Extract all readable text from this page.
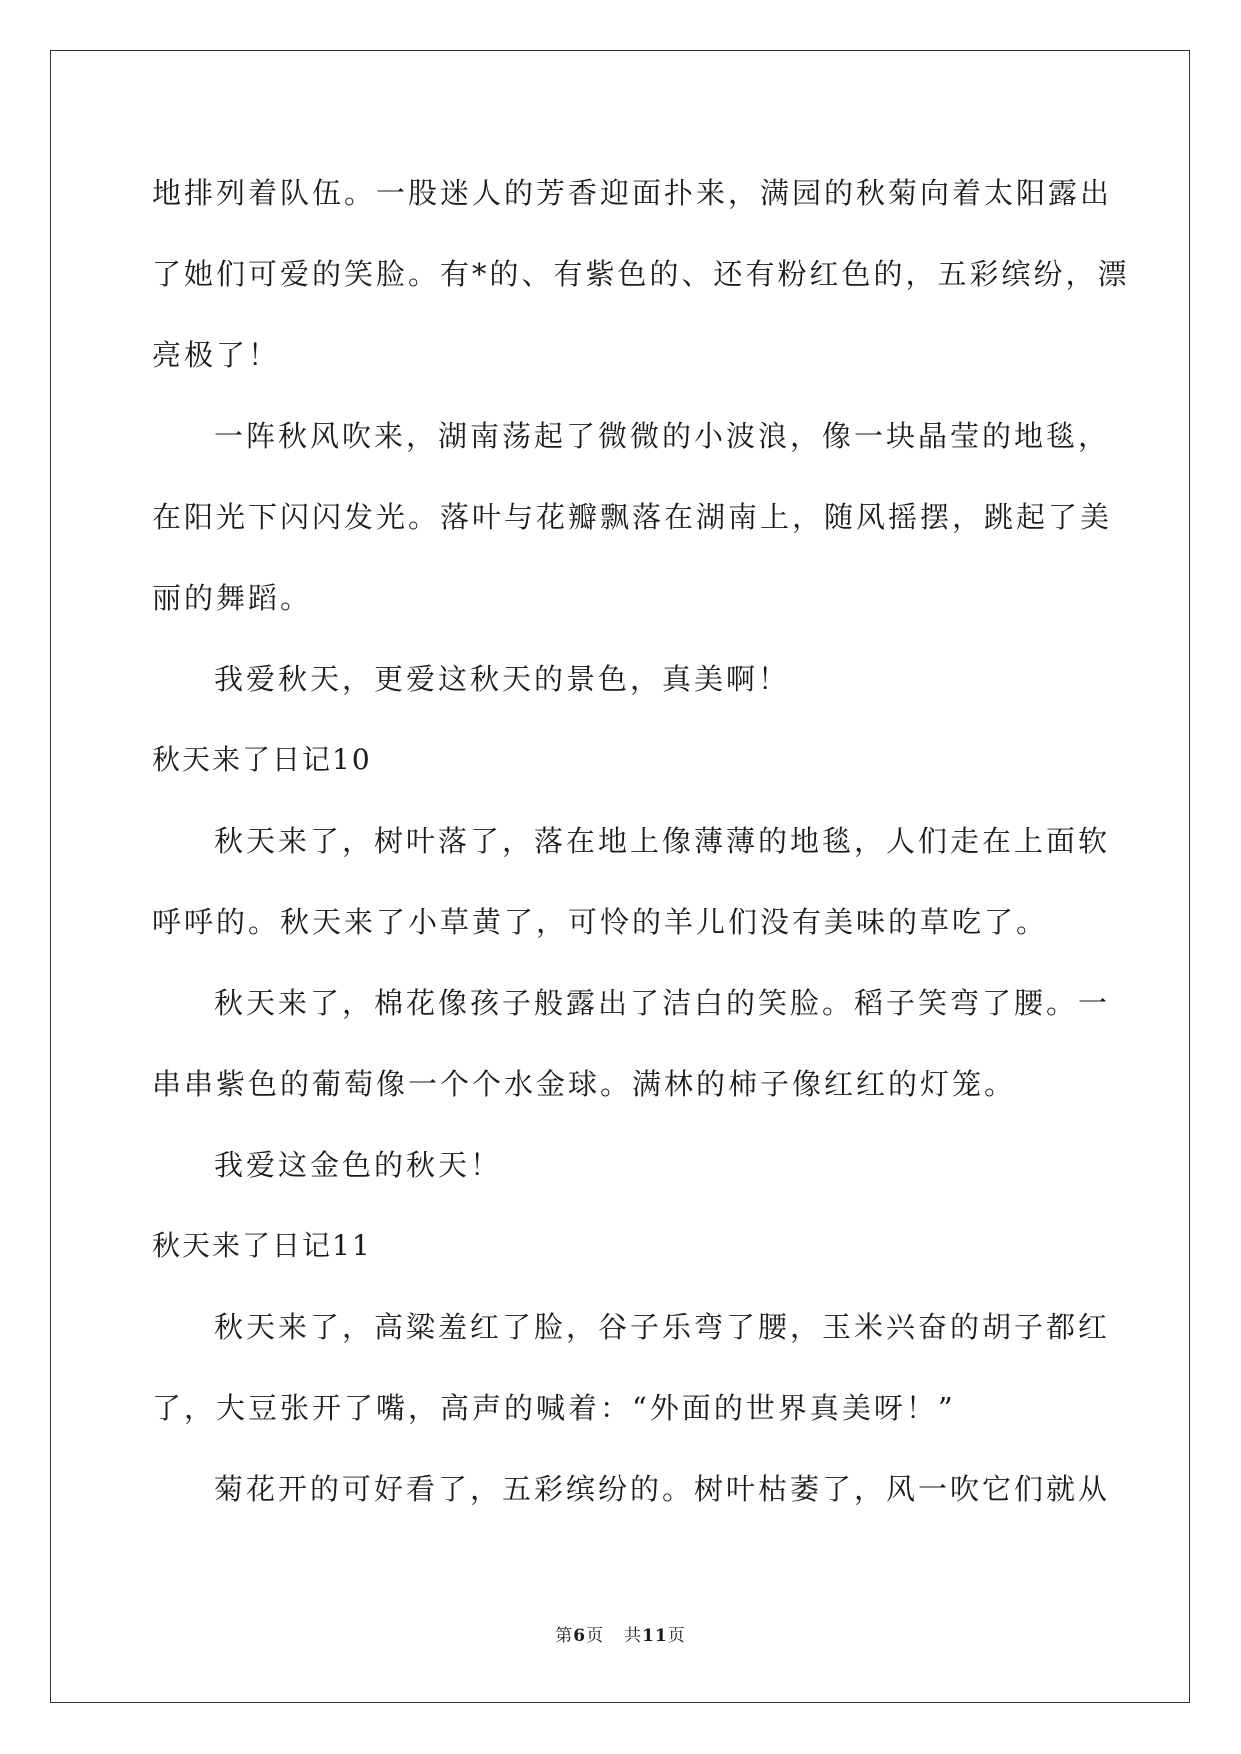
地排列着队伍。一股迷人的芳香迎面扑来，满园的秋菊向着太阳露出
了她们可爱的笑脸。有*的、有紫色的、还有粉红色的，五彩缤纷，漂
亮极了！
一阵秋风吹来，湖南荡起了微微的小波浪，像一块晶莹的地毯，
在阳光下闪闪发光。落叶与花瓣飘落在湖南上，随风摇摆，跳起了美
丽的舞蹈。
我爱秋天，更爱这秋天的景色，真美啊！
秋天来了日记10
秋天来了，树叶落了，落在地上像薄薄的地毯，人们走在上面软
呼呼的。秋天来了小草黄了，可怜的羊儿们没有美味的草吃了。
秋天来了，棉花像孩子般露出了洁白的笑脸。稻子笑弯了腰。一
串串紫色的葡萄像一个个水金球。满林的柿子像红红的灯笼。
我爱这金色的秋天！
秋天来了日记11
秋天来了，高粱羞红了脸，谷子乐弯了腰，玉米兴奋的胡子都红
了，大豆张开了嘴，高声的喊着：“外面的世界真美呀！”
菊花开的可好看了，五彩缤纷的。树叶枯萎了，风一吹它们就从
第6页 共11页
